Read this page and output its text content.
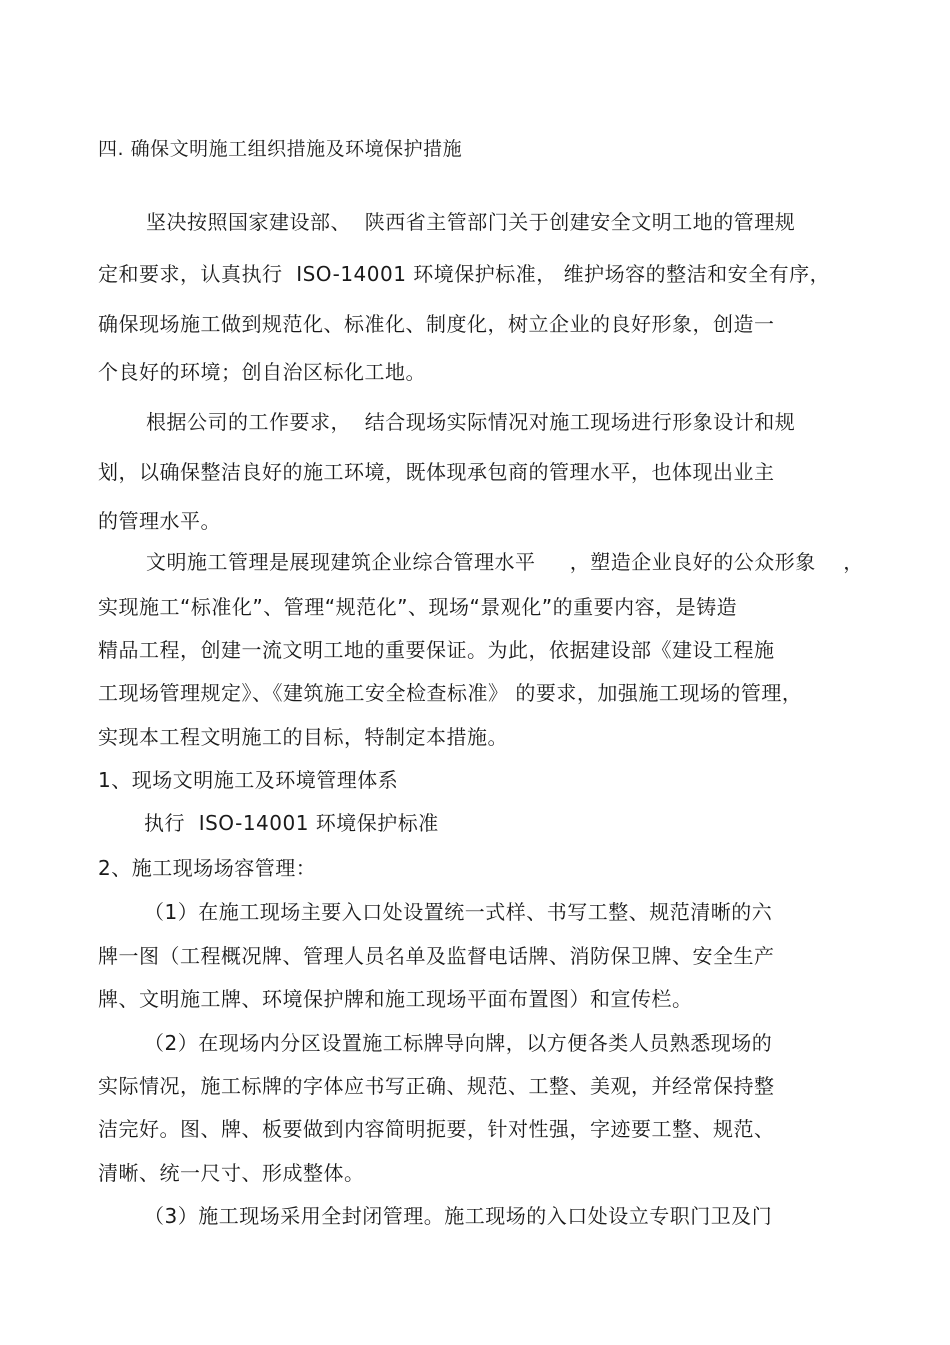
四. 确保文明施工组织措施及环境保护措施
坚决按照国家建设部、  陕西省主管部门关于创建安全文明工地的管理规
定和要求，认真执行  ISO-14001 环境保护标准， 维护场容的整洁和安全有序，
确保现场施工做到规范化、标准化、制度化，树立企业的良好形象，创造一
个良好的环境；创自治区标化工地。
根据公司的工作要求，  结合现场实际情况对施工现场进行形象设计和规
划，以确保整洁良好的施工环境，既体现承包商的管理水平，也体现出业主
的管理水平。
文明施工管理是展现建筑企业综合管理水平     ，塑造企业良好的公众形象    ，
实现施工“标准化”、管理“规范化”、现场“景观化”的重要内容，是铸造
精品工程，创建一流文明工地的重要保证。为此，依据建设部《建设工程施
工现场管理规定》、《建筑施工安全检查标准》 的要求，加强施工现场的管理，
实现本工程文明施工的目标，特制定本措施。
1、现场文明施工及环境管理体系
执行  ISO-14001 环境保护标准
2、施工现场场容管理：
（1）在施工现场主要入口处设置统一式样、书写工整、规范清晰的六
牌一图（工程概况牌、管理人员名单及监督电话牌、消防保卫牌、安全生产
牌、文明施工牌、环境保护牌和施工现场平面布置图）和宣传栏。
（2）在现场内分区设置施工标牌导向牌，以方便各类人员熟悉现场的
实际情况，施工标牌的字体应书写正确、规范、工整、美观，并经常保持整
洁完好。图、牌、板要做到内容简明扼要，针对性强，字迹要工整、规范、
清晰、统一尺寸、形成整体。
（3）施工现场采用全封闭管理。施工现场的入口处设立专职门卫及门
